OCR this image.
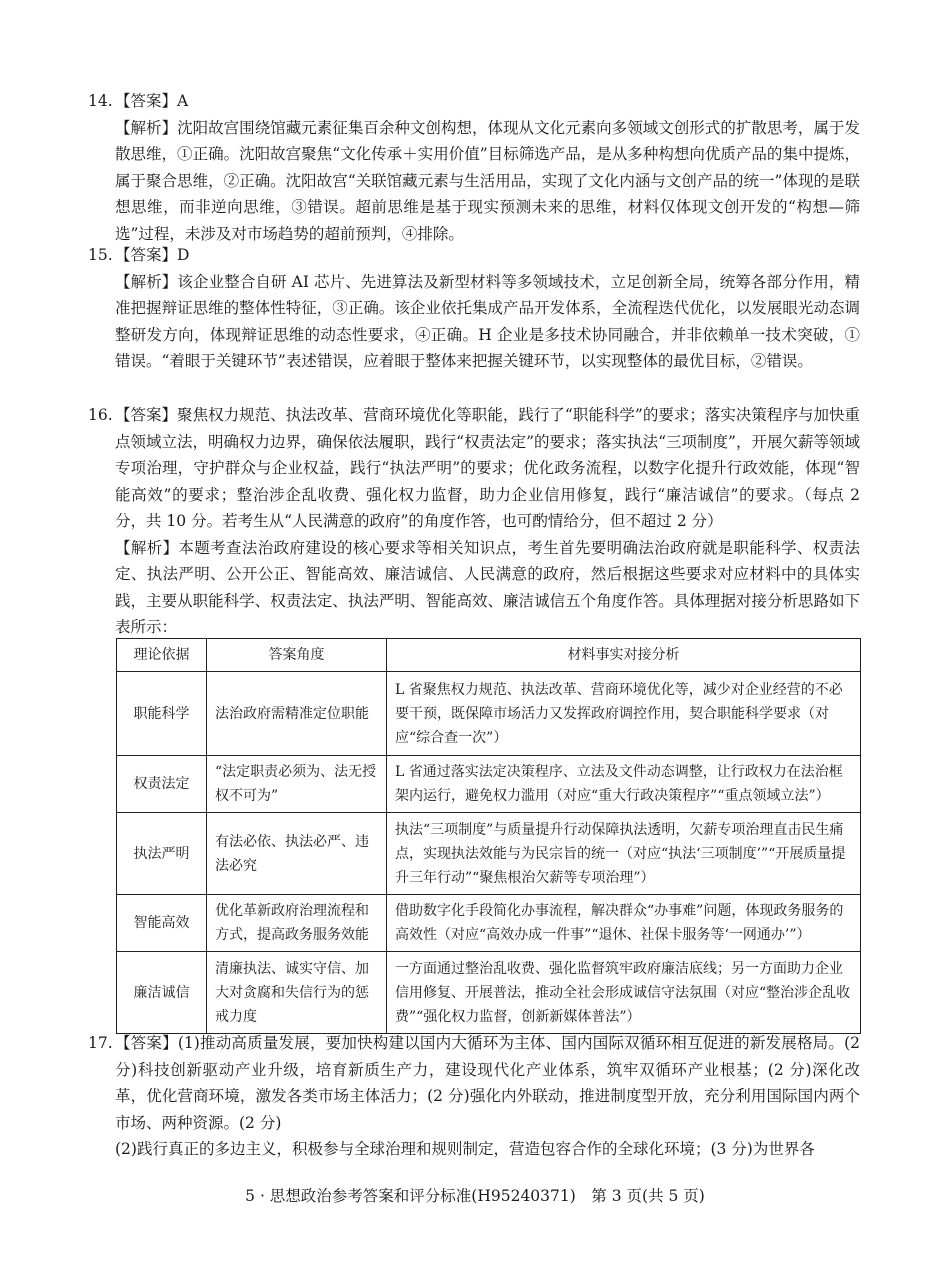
14. 【答案】A
【解析】沈阳故宫围绕馆藏元素征集百余种文创构想，体现从文化元素向多领域文创形式的扩散思考，属于发散思维，①正确。沈阳故宫聚焦“文化传承＋实用价值”目标筛选产品，是从多种构想向优质产品的集中提炼，属于聚合思维，②正确。沈阳故宫“关联馆藏元素与生活用品，实现了文化内涵与文创产品的统一”体现的是联想思维，而非逆向思维，③错误。超前思维是基于现实预测未来的思维，材料仅体现文创开发的“构想—筛选”过程，未涉及对市场趋势的超前预判，④排除。
15. 【答案】D
【解析】该企业整合自研 AI 芯片、先进算法及新型材料等多领域技术，立足创新全局，统筹各部分作用，精准把握辩证思维的整体性特征，③正确。该企业依托集成产品开发体系，全流程迭代优化，以发展眼光动态调整研发方向，体现辩证思维的动态性要求，④正确。H 企业是多技术协同融合，并非依赖单一技术突破，①错误。“着眼于关键环节”表述错误，应着眼于整体来把握关键环节，以实现整体的最优目标，②错误。
16. 【答案】聚焦权力规范、执法改革、营商环境优化等职能，践行了“职能科学”的要求；落实决策程序与加快重点领域立法，明确权力边界，确保依法履职，践行“权责法定”的要求；落实执法“三项制度”，开展欠薪等领域专项治理，守护群众与企业权益，践行“执法严明”的要求；优化政务流程，以数字化提升行政效能，体现“智能高效”的要求；整治涉企乱收费、强化权力监督，助力企业信用修复，践行“廉洁诚信”的要求。（每点 2 分，共 10 分。若考生从“人民满意的政府”的角度作答，也可酌情给分，但不超过 2 分）
【解析】本题考查法治政府建设的核心要求等相关知识点，考生首先要明确法治政府就是职能科学、权责法定、执法严明、公开公正、智能高效、廉洁诚信、人民满意的政府，然后根据这些要求对应材料中的具体实践，主要从职能科学、权责法定、执法严明、智能高效、廉洁诚信五个角度作答。具体理据对接分析思路如下表所示：
理论依据	答案角度	材料事实对接分析
职能科学	法治政府需精准定位职能	L 省聚焦权力规范、执法改革、营商环境优化等，减少对企业经营的不必要干预，既保障市场活力又发挥政府调控作用，契合职能科学要求（对应“综合查一次”）
权责法定	“法定职责必须为、法无授权不可为”	L 省通过落实法定决策程序、立法及文件动态调整，让行政权力在法治框架内运行，避免权力滥用（对应“重大行政决策程序”“重点领域立法”）
执法严明	有法必依、执法必严、违法必究	执法“三项制度”与质量提升行动保障执法透明，欠薪专项治理直击民生痛点，实现执法效能与为民宗旨的统一（对应“执法‘三项制度’”“开展质量提升三年行动”“聚焦根治欠薪等专项治理”）
智能高效	优化革新政府治理流程和方式，提高政务服务效能	借助数字化手段简化办事流程，解决群众“办事难”问题，体现政务服务的高效性（对应“高效办成一件事”“退休、社保卡服务等‘一网通办’”）
廉洁诚信	清廉执法、诚实守信、加大对贪腐和失信行为的惩戒力度	一方面通过整治乱收费、强化监督筑牢政府廉洁底线；另一方面助力企业信用修复、开展普法，推动全社会形成诚信守法氛围（对应“整治涉企乱收费”“强化权力监督，创新新媒体普法”）
17. 【答案】(1)推动高质量发展，要加快构建以国内大循环为主体、国内国际双循环相互促进的新发展格局。(2 分)科技创新驱动产业升级，培育新质生产力，建设现代化产业体系，筑牢双循环产业根基；(2 分)深化改革，优化营商环境，激发各类市场主体活力；(2 分)强化内外联动，推进制度型开放，充分利用国际国内两个市场、两种资源。(2 分)
(2)践行真正的多边主义，积极参与全球治理和规则制定，营造包容合作的全球化环境；(3 分)为世界各
5 · 思想政治参考答案和评分标准(H95240371)　第 3 页(共 5 页)
